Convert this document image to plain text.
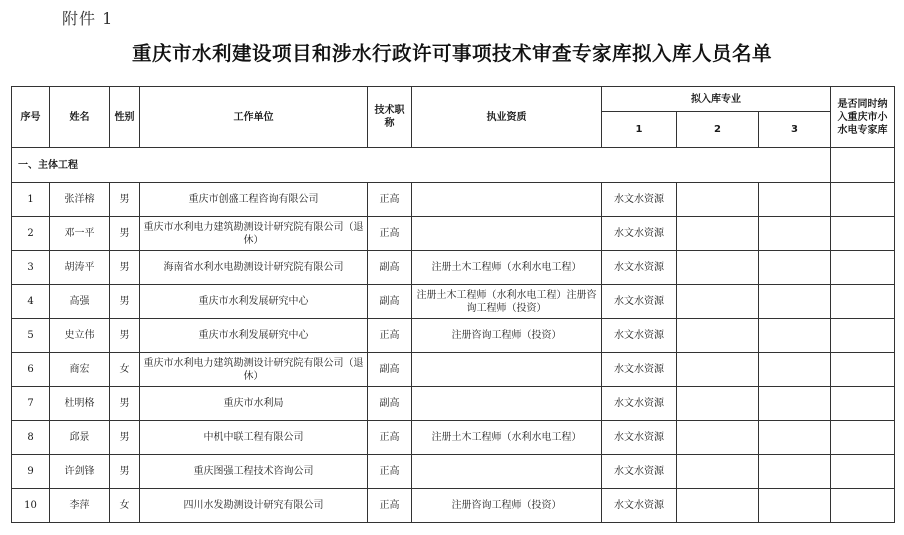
附件 1
重庆市水利建设项目和涉水行政许可事项技术审查专家库拟入库人员名单
序号	姓名	性别	工作单位	技术职称	执业资质	拟入库专业			是否同时纳入重庆市小水电专家库
						1	2	3	
一、主体工程									
1	张洋榕	男	重庆市创盛工程咨询有限公司	正高		水文水资源			
2	邓一平	男	重庆市水利电力建筑勘测设计研究院有限公司（退休）	正高		水文水资源			
3	胡涛平	男	海南省水利水电勘测设计研究院有限公司	副高	注册土木工程师（水利水电工程）	水文水资源			
4	高强	男	重庆市水利发展研究中心	副高	注册土木工程师（水利水电工程）注册咨询工程师（投资）	水文水资源			
5	史立伟	男	重庆市水利发展研究中心	正高	注册咨询工程师（投资）	水文水资源			
6	商宏	女	重庆市水利电力建筑勘测设计研究院有限公司（退休）	副高		水文水资源			
7	杜明格	男	重庆市水利局	副高		水文水资源			
8	邱景	男	中机中联工程有限公司	正高	注册土木工程师（水利水电工程）	水文水资源			
9	许剑锋	男	重庆图强工程技术咨询公司	正高		水文水资源			
10	李萍	女	四川水发勘测设计研究有限公司	正高	注册咨询工程师（投资）	水文水资源			
